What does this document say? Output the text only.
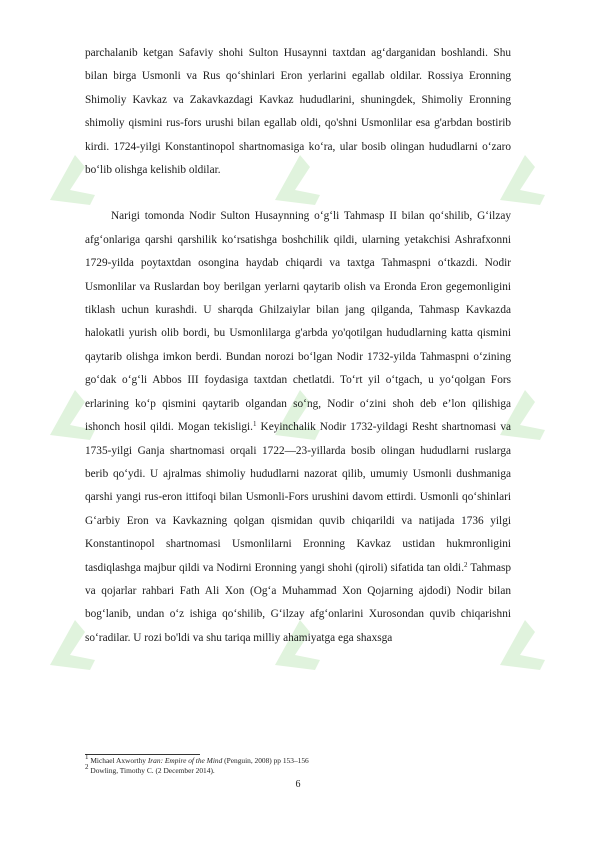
parchalanib ketgan Safaviy shohi Sulton Husaynni taxtdan ag‘darganidan boshlandi. Shu bilan birga Usmonli va Rus qo‘shinlari Eron yerlarini egallab oldilar. Rossiya Eronning Shimoliy Kavkaz va Zakavkazdagi Kavkaz hududlarini, shuningdek, Shimoliy Eronning shimoliy qismini rus-fors urushi bilan egallab oldi, qo'shni Usmonlilar esa g'arbdan bostirib kirdi. 1724-yilgi Konstantinopol shartnomasiga ko‘ra, ular bosib olingan hududlarni o‘zaro bo‘lib olishga kelishib oldilar.

Narigi tomonda Nodir Sulton Husaynning o‘g‘li Tahmasp II bilan qo‘shilib, G‘ilzay afg‘onlariga qarshi qarshilik ko‘rsatishga boshchilik qildi, ularning yetakchisi Ashrafxonni 1729-yilda poytaxtdan osongina haydab chiqardi va taxtga Tahmaspni o‘tkazdi. Nodir Usmonlilar va Ruslardan boy berilgan yerlarni qaytarib olish va Eronda Eron gegemonligini tiklash uchun kurashdi. U sharqda Ghilzaiylar bilan jang qilganda, Tahmasp Kavkazda halokatli yurish olib bordi, bu Usmonlilarga g'arbda yo'qotilgan hududlarning katta qismini qaytarib olishga imkon berdi. Bundan norozi bo‘lgan Nodir 1732-yilda Tahmaspni o‘zining go‘dak o‘g‘li Abbos III foydasiga taxtdan chetlatdi. To‘rt yil o‘tgach, u yo‘qolgan Fors erlarining ko‘p qismini qaytarib olgandan so‘ng, Nodir o‘zini shoh deb e’lon qilishiga ishonch hosil qildi. Mogan tekisligi.$^1$ Keyinchalik Nodir 1732-yildagi Resht shartnomasi va 1735-yilgi Ganja shartnomasi orqali 1722—23-yillarda bosib olingan hududlarni ruslarga berib qo‘ydi. U ajralmas shimoliy hududlarni nazorat qilib, umumiy Usmonli dushmaniga qarshi yangi rus-eron ittifoqi bilan Usmonli-Fors urushini davom ettirdi. Usmonli qo‘shinlari G‘arbiy Eron va Kavkazning qolgan qismidan quvib chiqarildi va natijada 1736 yilgi Konstantinopol shartnomasi Usmonlilarni Eronning Kavkaz ustidan hukmronligini tasdiqlashga majbur qildi va Nodirni Eronning yangi shohi (qiroli) sifatida tan oldi.$^2$ Tahmasp va qojarlar rahbari Fath Ali Xon (Og‘a Muhammad Xon Qojarning ajdodi) Nodir bilan bog‘lanib, undan o‘z ishiga qo‘shilib, G‘ilzay afg‘onlarini Xurosondan quvib chiqarishni so‘radilar. U rozi bo'ldi va shu tariqa milliy ahamiyatga ega shaxsga

$^1$ Michael Axworthy Iran: Empire of the Mind (Penguin, 2008) pp 153–156
$^2$ Dowling, Timothy C. (2 December 2014).
6
